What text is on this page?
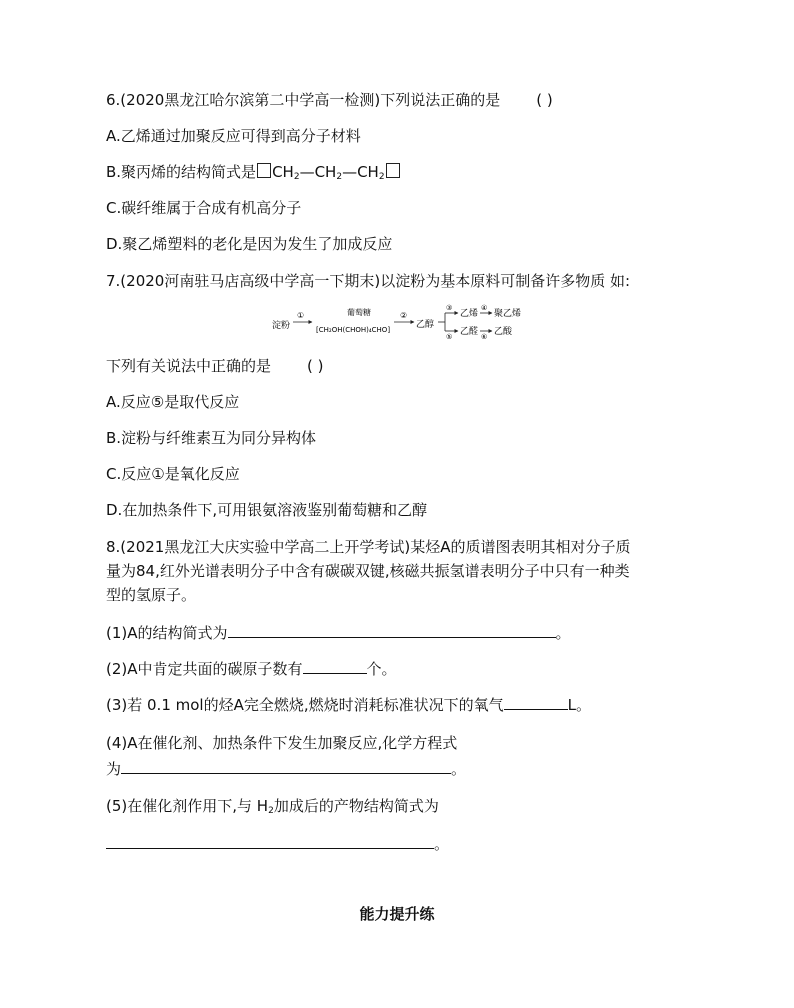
6.(2020黑龙江哈尔滨第二中学高一检测)下列说法正确的是 ( )
A.乙烯通过加聚反应可得到高分子材料
B.聚丙烯的结构简式是 $CH_2—CH_2—CH_2$
C.碳纤维属于合成有机高分子
D.聚乙烯塑料的老化是因为发生了加成反应
7.(2020河南驻马店高级中学高一下期末)以淀粉为基本原料可制备许多物质 如:
淀粉
①	葡萄糖
[CH₂OH(CHOH)₄CHO]
②
乙醇
③
乙烯
④
聚乙烯
⑤ 乙醛 ⑥ 乙酸
下列有关说法中正确的是 ( )
A.反应⑤是取代反应
B.淀粉与纤维素互为同分异构体
C.反应①是氧化反应
D.在加热条件下,可用银氨溶液鉴别葡萄糖和乙醇
8.(2021黑龙江大庆实验中学高二上开学考试)某烃A的质谱图表明其相对分子质
量为84,红外光谱表明分子中含有碳碳双键,核磁共振氢谱表明分子中只有一种类
型的氢原子。
(1)A的结构简式为	。
(2)A中肯定共面的碳原子数有	个。
(3)若 0.1 mol的烃A完全燃烧,燃烧时消耗标准状况下的氧气	L。
(4)A在催化剂、加热条件下发生加聚反应,化学方程式
为	。
(5)在催化剂作用下,与 $H_2$加成后的产物结构简式为
。
能力提升练
